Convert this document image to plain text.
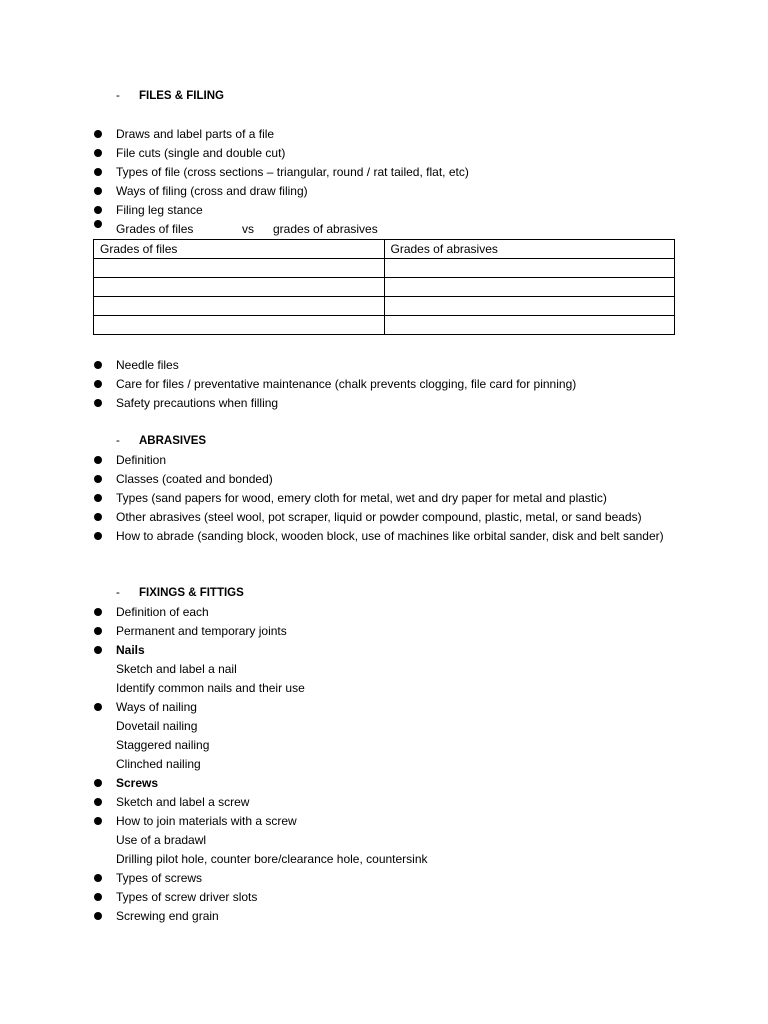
- FILES & FILING
Draws and label parts of a file
File cuts (single and double cut)
Types of file (cross sections – triangular, round / rat tailed, flat, etc)
Ways of filing (cross and draw filing)
Filing leg stance
Grades of files	vs grades of abrasives
Grades of files	Grades of abrasives

Needle files
Care for files / preventative maintenance (chalk prevents clogging, file card for pinning)
Safety precautions when filling
- ABRASIVES
Definition
Classes (coated and bonded)
Types (sand papers for wood, emery cloth for metal, wet and dry paper for metal and plastic)
Other abrasives (steel wool, pot scraper, liquid or powder compound, plastic, metal, or sand beads)
How to abrade (sanding block, wooden block, use of machines like orbital sander, disk and belt sander)
- FIXINGS & FITTIGS
Definition of each
Permanent and temporary joints
Nails
Sketch and label a nail
Identify common nails and their use
Ways of nailing
Dovetail nailing
Staggered nailing
Clinched nailing
Screws
Sketch and label a screw
How to join materials with a screw
Use of a bradawl
Drilling pilot hole, counter bore/clearance hole, countersink
Types of screws
Types of screw driver slots
Screwing end grain
